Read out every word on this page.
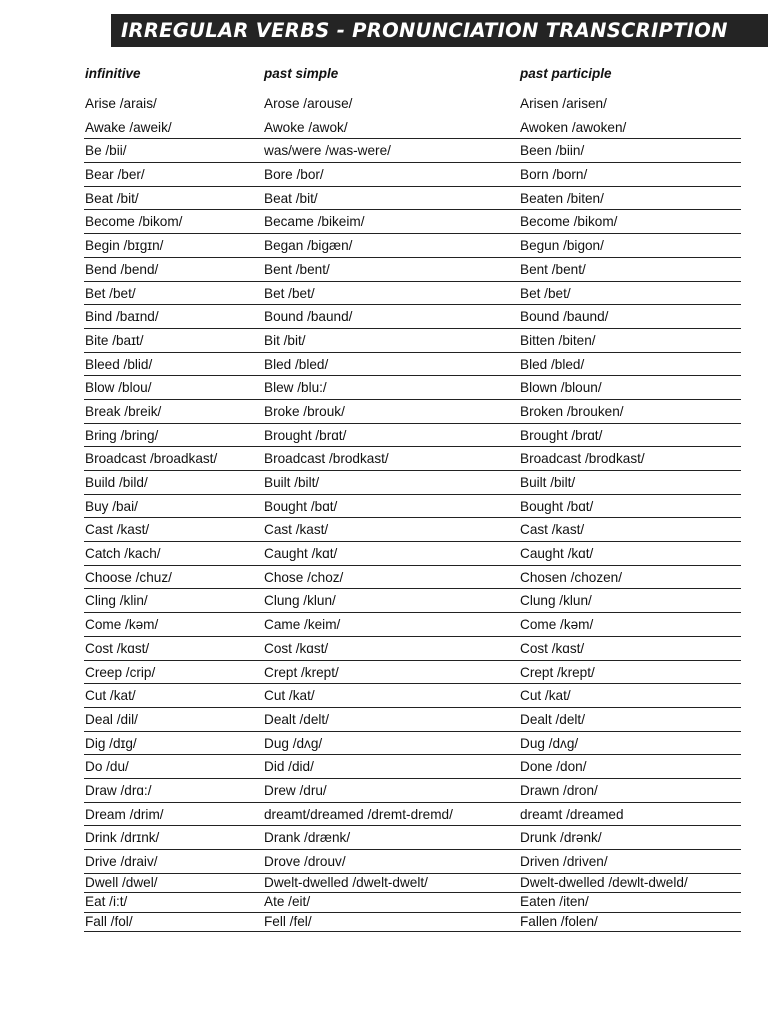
IRREGULAR VERBS - PRONUNCIATION TRANSCRIPTION
infinitive	past simple	past participle
Arise /arais/	Arose /arouse/	Arisen /arisen/
Awake /aweik/	Awoke /awok/	Awoken /awoken/
Be /bii/	was/were /was-were/	Been /biin/
Bear /ber/	Bore /bor/	Born /born/
Beat /bit/	Beat /bit/	Beaten /biten/
Become /bikom/	Became /bikeim/	Become /bikom/
Begin /bɪgɪn/	Began /bigæn/	Begun /bigon/
Bend /bend/	Bent /bent/	Bent /bent/
Bet /bet/	Bet /bet/	Bet /bet/
Bind /baɪnd/	Bound /baund/	Bound /baund/
Bite /baɪt/	Bit /bit/	Bitten /biten/
Bleed /blid/	Bled /bled/	Bled /bled/
Blow /blou/	Blew /blu:/	Blown /bloun/
Break /breik/	Broke /brouk/	Broken /brouken/
Bring /bring/	Brought /brɑt/	Brought /brɑt/
Broadcast /broadkast/	Broadcast /brodkast/	Broadcast /brodkast/
Build /bild/	Built /bilt/	Built /bilt/
Buy /bai/	Bought /bɑt/	Bought /bɑt/
Cast /kast/	Cast /kast/	Cast /kast/
Catch /kach/	Caught /kɑt/	Caught /kɑt/
Choose /chuz/	Chose /choz/	Chosen /chozen/
Cling /klin/	Clung /klun/	Clung /klun/
Come /kəm/	Came /keim/	Come /kəm/
Cost /kɑst/	Cost /kɑst/	Cost /kɑst/
Creep /crip/	Crept /krept/	Crept /krept/
Cut /kat/	Cut /kat/	Cut /kat/
Deal /dil/	Dealt /delt/	Dealt /delt/
Dig /dɪg/	Dug /dʌg/	Dug /dʌg/
Do /du/	Did /did/	Done /don/
Draw /drɑ:/	Drew /dru/	Drawn /dron/
Dream /drim/	dreamt/dreamed /dremt-dremd/	dreamt /dreamed
Drink /drɪnk/	Drank /drænk/	Drunk /drənk/
Drive /draiv/	Drove /drouv/	Driven /driven/
Dwell /dwel/	Dwelt-dwelled /dwelt-dwelt/	Dwelt-dwelled /dewlt-dweld/
Eat /i:t/	Ate /eit/	Eaten /iten/
Fall /fol/	Fell /fel/	Fallen /folen/
